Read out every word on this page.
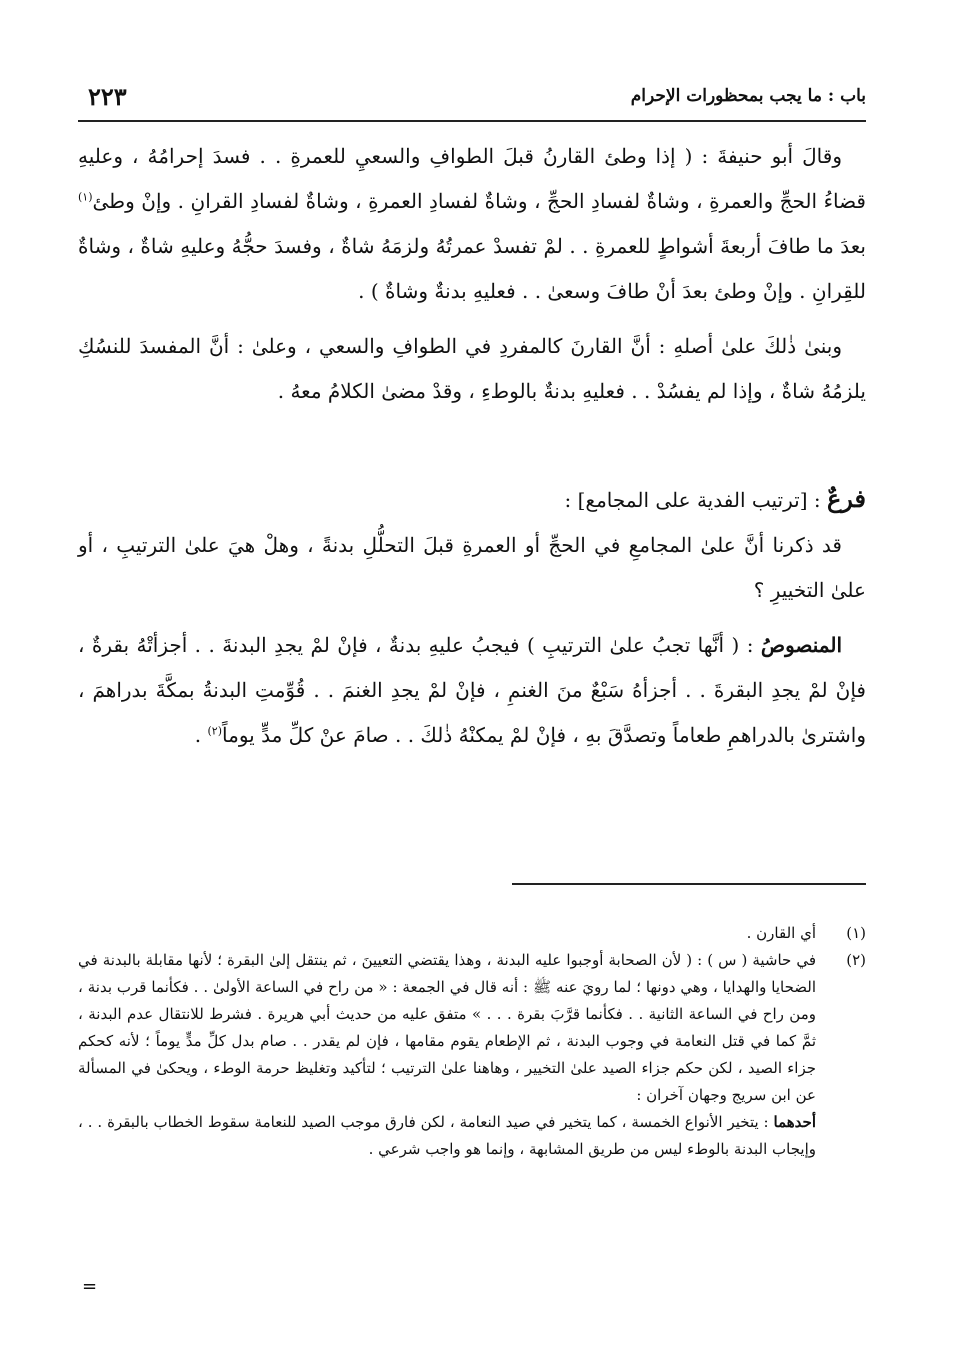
باب : ما يجب بمحظورات الإحرام
٢٢٣

وقالَ أبو حنيفةَ : ( إذا وطئ القارنُ قبلَ الطوافِ والسعيِ للعمرةِ . . فسدَ إحرامُهُ ، وعليهِ قضاءُ الحجِّ والعمرةِ ، وشاةٌ لفسادِ الحجِّ ، وشاةٌ لفسادِ العمرةِ ، وشاةٌ لفسادِ القرانِ . وإنْ وطئ$^{(١)}$ بعدَ ما طافَ أربعةَ أشواطٍ للعمرةِ . . لمْ تفسدْ عمرتُهُ ولزمَهُ شاةٌ ، وفسدَ حجُّهُ وعليهِ شاةٌ ، وشاةٌ للقِرانِ . وإنْ وطئ بعدَ أنْ طافَ وسعىٰ . . فعليهِ بدنةٌ وشاةٌ ) .

وبنىٰ ذٰلكَ علىٰ أصلهِ : أنَّ القارنَ كالمفردِ في الطوافِ والسعي ، وعلىٰ : أنَّ المفسدَ للنسُكِ يلزمُهُ شاةٌ ، وإذا لم يفسُدْ . . فعليهِ بدنةٌ بالوطءِ ، وقدْ مضىٰ الكلامُ معهُ .

فرعٌ : [ترتيب الفدية على المجامع] :

قد ذكرنا أنَّ علىٰ المجامعِ في الحجِّ أو العمرةِ قبلَ التحلُّلِ بدنةً ، وهلْ هيَ علىٰ الترتيبِ ، أو علىٰ التخييرِ ؟

المنصوصُ : ( أنَّها تجبُ علىٰ الترتيبِ ) فيجبُ عليهِ بدنةٌ ، فإنْ لمْ يجدِ البدنةَ . . أجزأتْهُ بقرةٌ ، فإنْ لمْ يجدِ البقرةَ . . أجزأهُ سَبْعٌ منَ الغنمِ ، فإنْ لمْ يجدِ الغنمَ . . قُوِّمتِ البدنةُ بمكَّةَ بدراهمَ ، واشترىٰ بالدراهمِ طعاماً وتصدَّقَ بهِ ، فإنْ لمْ يمكنْهُ ذٰلكَ . . صامَ عنْ كلِّ مدٍّ يوماً$^{(٢)}$ .

(١)
أي القارن .

(٢)
في حاشية ( س ) : ( لأن الصحابة أوجبوا عليه البدنة ، وهذا يقتضي التعيينَ ، ثم ينتقل إلىٰ البقرة ؛ لأنها مقابلة بالبدنة في الضحايا والهدايا ، وهي دونها ؛ لما رويَ عنه ﷺ : أنه قال في الجمعة : « من راح في الساعة الأولىٰ . . فكأنما قرب بدنة ، ومن راح في الساعة الثانية . . فكأنما قرَّبَ بقرة . . . » متفق عليه من حديث أبي هريرة . فشرط للانتقال عدم البدنة ، ثمَّ كما في قتل النعامة في وجوب البدنة ، ثم الإطعام يقوم مقامها ، فإن لم يقدر . . صام بدل كلِّ مدٍّ يوماً ؛ لأنه كحكم جزاء الصيد ، لكن حكم جزاء الصيد علىٰ التخيير ، وهاهنا علىٰ الترتيب ؛ لتأكيد وتغليظ حرمة الوطء ، ويحكىٰ في المسألة عن ابن سريج وجهان آخران :

أحدهما : يتخير الأنواع الخمسة ، كما يتخير في صيد النعامة ، لكن فارق موجب الصيد للنعامة سقوط الخطاب بالبقرة . . ، وإيجاب البدنة بالوطء ليس من طريق المشابهة ، وإنما هو واجب شرعي .

=
